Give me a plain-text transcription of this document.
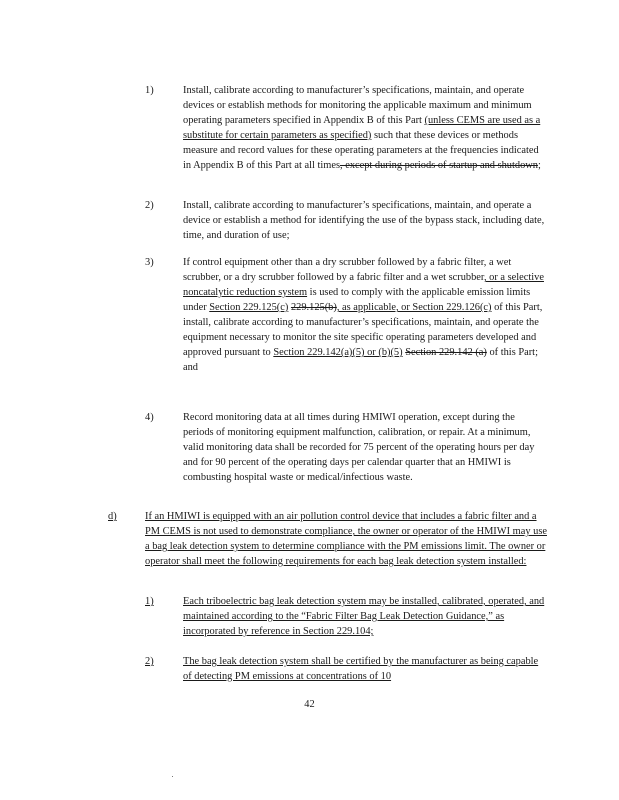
1)	Install, calibrate according to manufacturer’s specifications, maintain, and operate devices or establish methods for monitoring the applicable maximum and minimum operating parameters specified in Appendix B of this Part (unless CEMS are used as a substitute for certain parameters as specified) such that these devices or methods measure and record values for these operating parameters at the frequencies indicated in Appendix B of this Part at all times, except during periods of startup and shutdown;
2)	Install, calibrate according to manufacturer’s specifications, maintain, and operate a device or establish a method for identifying the use of the bypass stack, including date, time, and duration of use;
3)	If control equipment other than a dry scrubber followed by a fabric filter, a wet scrubber, or a dry scrubber followed by a fabric filter and a wet scrubber, or a selective noncatalytic reduction system is used to comply with the applicable emission limits under Section 229.125(c) 229.125(b), as applicable, or Section 229.126(c) of this Part, install, calibrate according to manufacturer’s specifications, maintain, and operate the equipment necessary to monitor the site specific operating parameters developed and approved pursuant to Section 229.142(a)(5) or (b)(5) Section 229.142 (a) of this Part; and
4)	Record monitoring data at all times during HMIWI operation, except during the periods of monitoring equipment malfunction, calibration, or repair. At a minimum, valid monitoring data shall be recorded for 75 percent of the operating hours per day and for 90 percent of the operating days per calendar quarter that an HMIWI is combusting hospital waste or medical/infectious waste.
d)	If an HMIWI is equipped with an air pollution control device that includes a fabric filter and a PM CEMS is not used to demonstrate compliance, the owner or operator of the HMIWI may use a bag leak detection system to determine compliance with the PM emissions limit. The owner or operator shall meet the following requirements for each bag leak detection system installed:
1)	Each triboelectric bag leak detection system may be installed, calibrated, operated, and maintained according to the “Fabric Filter Bag Leak Detection Guidance,” as incorporated by reference in Section 229.104;
2)	The bag leak detection system shall be certified by the manufacturer as being capable of detecting PM emissions at concentrations of 10
42
